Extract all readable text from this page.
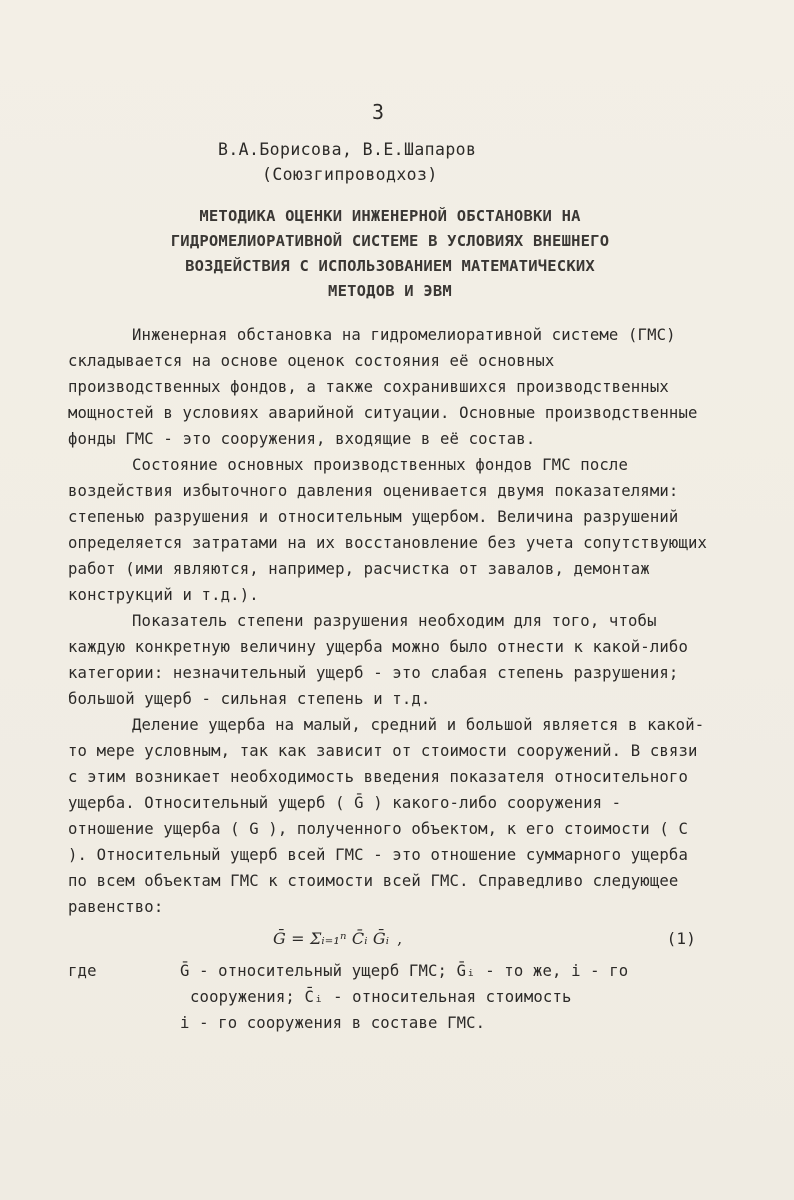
3
В.А.Борисова, В.Е.Шапаров
(Союзгипроводхоз)
МЕТОДИКА ОЦЕНКИ ИНЖЕНЕРНОЙ ОБСТАНОВКИ НА
ГИДРОМЕЛИОРАТИВНОЙ СИСТЕМЕ В УСЛОВИЯХ ВНЕШНЕГО
ВОЗДЕЙСТВИЯ С ИСПОЛЬЗОВАНИЕМ МАТЕМАТИЧЕСКИХ
МЕТОДОВ И ЭВМ

Инженерная обстановка на гидромелиоративной системе (ГМС) складывается на основе оценок состояния её основных производственных фондов, а также сохранившихся производственных мощностей в условиях аварийной ситуации. Основные производственные фонды ГМС - это сооружения, входящие в её состав.

Состояние основных производственных фондов ГМС после воздействия избыточного давления оценивается двумя показателями: степенью разрушения и относительным ущербом. Величина разрушений определяется затратами на их восстановление без учета сопутствующих работ (ими являются, например, расчистка от завалов, демонтаж конструкций и т.д.).

Показатель степени разрушения необходим для того, чтобы каждую конкретную величину ущерба можно было отнести к какой-либо категории: незначительный ущерб - это слабая степень разрушения; большой ущерб - сильная степень и т.д.

Деление ущерба на малый, средний и большой является в какой-то мере условным, так как зависит от стоимости сооружений. В связи с этим возникает необходимость введения показателя относительного ущерба. Относительный ущерб ( Ḡ ) какого-либо сооружения - отношение ущерба ( G ), полученного объектом, к его стоимости ( C ). Относительный ущерб всей ГМС - это отношение суммарного ущерба по всем объектам ГМС к стоимости всей ГМС. Справедливо следующее равенство:

Ḡ = Σᵢ₌₁ⁿ C̄ᵢ Ḡᵢ ,	(1)
где	Ḡ - относительный ущерб ГМС; Ḡᵢ - то же, i - го
сооружения; C̄ᵢ - относительная стоимость
i - го сооружения в составе ГМС.
